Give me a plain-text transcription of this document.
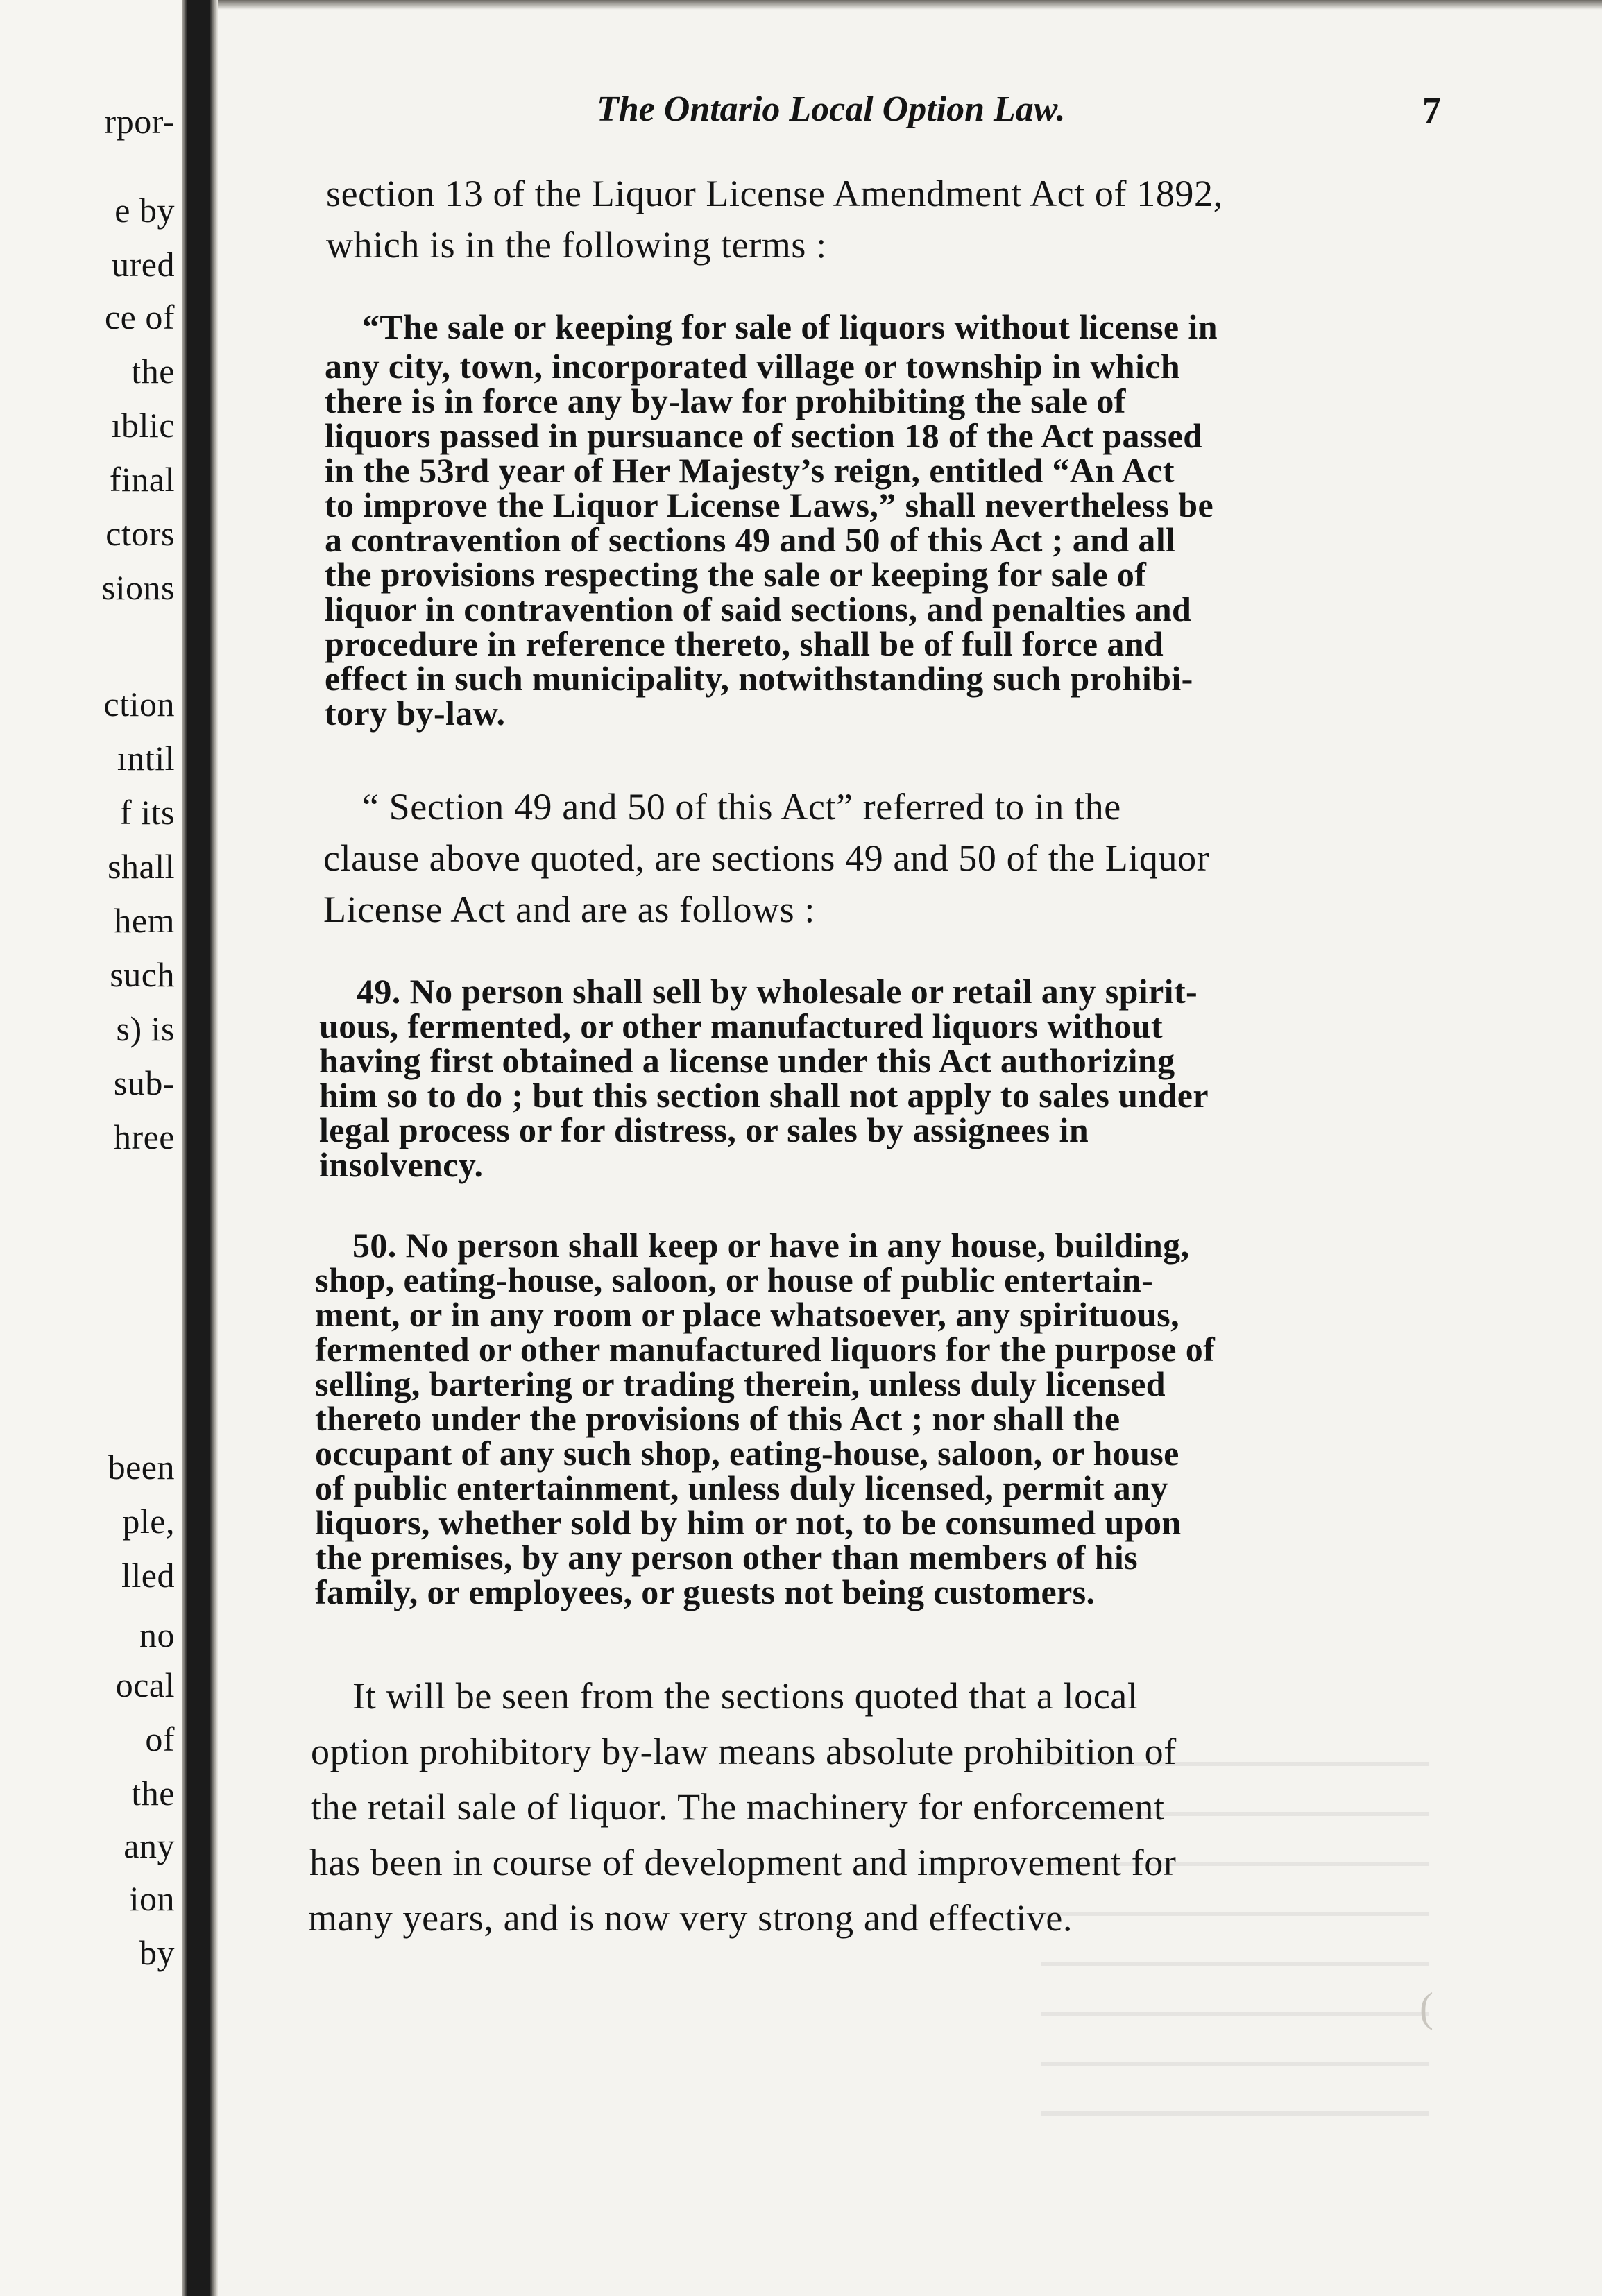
rpor-
e by
ured
ce of
the
ıblic
final
ctors
sions
ction
ıntil
f its
shall
hem
such
s) is
sub-
hree
been
ple,
lled
no
ocal
of
the
any
ion
by
(
The Ontario Local Option Law.	7
section 13 of the Liquor License Amendment Act of 1892,
which is in the following terms :
“The sale or keeping for sale of liquors without license in
any city, town, incorporated village or township in which
there is in force any by-law for prohibiting the sale of
liquors passed in pursuance of section 18 of the Act passed
in the 53rd year of Her Majesty’s reign, entitled “An Act
to improve the Liquor License Laws,” shall nevertheless be
a contravention of sections 49 and 50 of this Act ; and all
the provisions respecting the sale or keeping for sale of
liquor in contravention of said sections, and penalties and
procedure in reference thereto, shall be of full force and
effect in such municipality, notwithstanding such prohibi-
tory by-law.
“ Section 49 and 50 of this Act” referred to in the
clause above quoted, are sections 49 and 50 of the Liquor
License Act and are as follows :
49. No person shall sell by wholesale or retail any spirit-
uous, fermented, or other manufactured liquors without
having first obtained a license under this Act authorizing
him so to do ; but this section shall not apply to sales under
legal process or for distress, or sales by assignees in
insolvency.
50. No person shall keep or have in any house, building,
shop, eating-house, saloon, or house of public entertain-
ment, or in any room or place whatsoever, any spirituous,
fermented or other manufactured liquors for the purpose of
selling, bartering or trading therein, unless duly licensed
thereto under the provisions of this Act ; nor shall the
occupant of any such shop, eating-house, saloon, or house
of public entertainment, unless duly licensed, permit any
liquors, whether sold by him or not, to be consumed upon
the premises, by any person other than members of his
family, or employees, or guests not being customers.
It will be seen from the sections quoted that a local
option prohibitory by-law means absolute prohibition of
the retail sale of liquor. The machinery for enforcement
has been in course of development and improvement for
many years, and is now very strong and effective.
